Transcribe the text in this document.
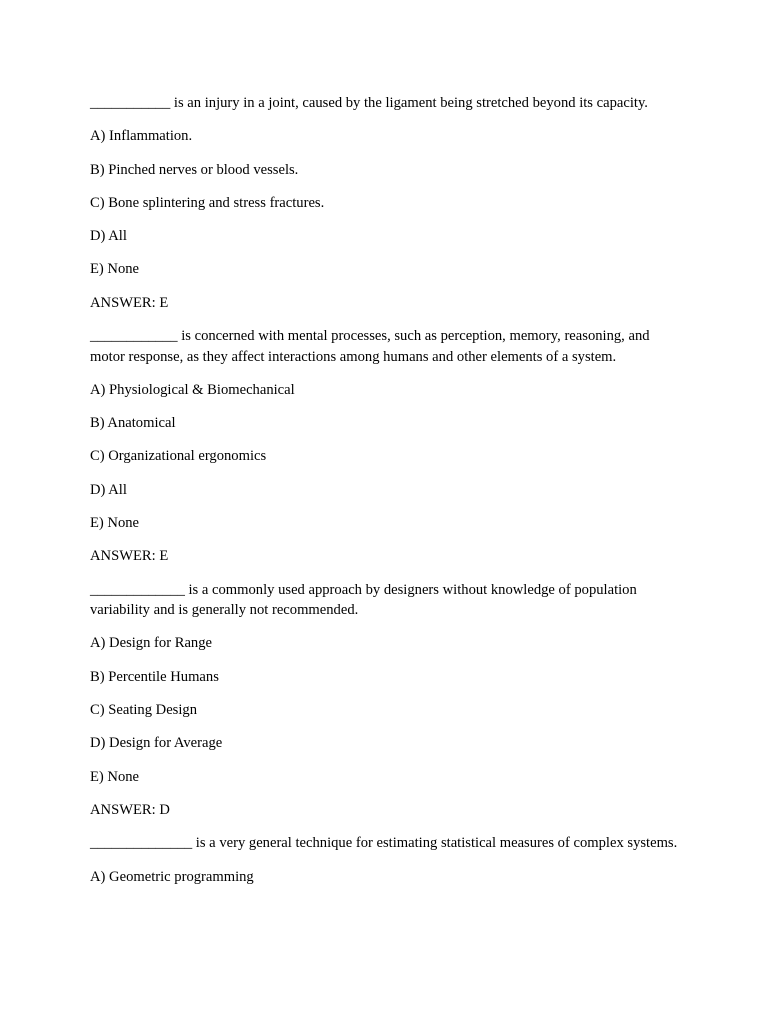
___________ is an injury in a joint, caused by the ligament being stretched beyond its capacity.

A) Inflammation.

B) Pinched nerves or blood vessels.

C) Bone splintering and stress fractures.

D) All

E) None

ANSWER: E

____________ is concerned with mental processes, such as perception, memory, reasoning, and motor response, as they affect interactions among humans and other elements of a system.

A) Physiological & Biomechanical

B) Anatomical

C) Organizational ergonomics

D) All

E) None

ANSWER: E

_____________ is a commonly used approach by designers without knowledge of population variability and is generally not recommended.

A) Design for Range

B) Percentile Humans

C) Seating Design

D) Design for Average

E) None

ANSWER: D

______________ is a very general technique for estimating statistical measures of complex systems.

A) Geometric programming
